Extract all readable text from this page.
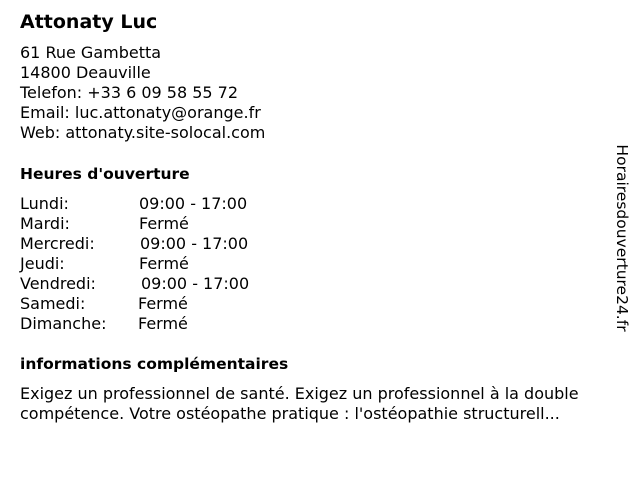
Attonaty Luc
61 Rue Gambetta
14800 Deauville
Telefon: +33 6 09 58 55 72
Email: luc.attonaty@orange.fr
Web: attonaty.site-solocal.com
Heures d'ouverture
Lundi:	09:00 - 17:00
Mardi:	Fermé
Mercredi:	09:00 - 17:00
Jeudi:	Fermé
Vendredi:	09:00 - 17:00
Samedi:	Fermé
Dimanche: Fermé
informations complémentaires

Exigez un professionnel de santé. Exigez un professionnel à la double compétence. Votre ostéopathe pratique : l'ostéopathie structurell...

Horairesdouverture24.fr
